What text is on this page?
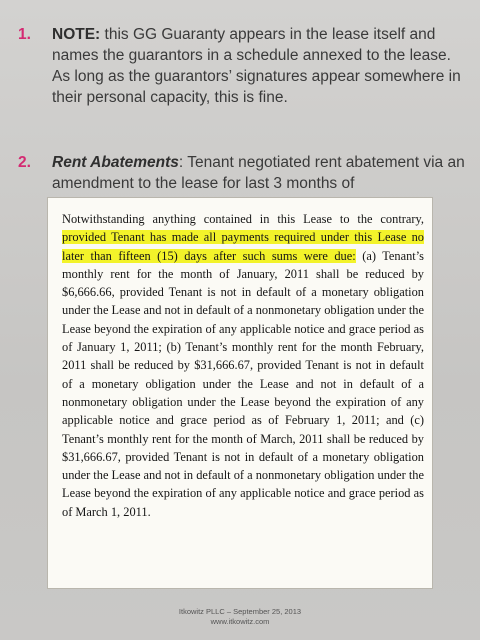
1. NOTE: this GG Guaranty appears in the lease itself and names the guarantors in a schedule annexed to the lease. As long as the guarantors’ signatures appear somewhere in their personal capacity, this is fine.
2. Rent Abatements: Tenant negotiated rent abatement via an amendment to the lease for last 3 months of

Notwithstanding anything contained in this Lease to the contrary, provided Tenant has made all payments required under this Lease no later than fifteen (15) days after such sums were due: (a) Tenant’s monthly rent for the month of January, 2011 shall be reduced by $6,666.66, provided Tenant is not in default of a monetary obligation under the Lease and not in default of a nonmonetary obligation under the Lease beyond the expiration of any applicable notice and grace period as of January 1, 2011; (b) Tenant’s monthly rent for the month February, 2011 shall be reduced by $31,666.67, provided Tenant is not in default of a monetary obligation under the Lease and not in default of a nonmonetary obligation under the Lease beyond the expiration of any applicable notice and grace period as of February 1, 2011; and (c) Tenant’s monthly rent for the month of March, 2011 shall be reduced by $31,666.67, provided Tenant is not in default of a monetary obligation under the Lease and not in default of a nonmonetary obligation under the Lease beyond the expiration of any applicable notice and grace period as of March 1, 2011.

Itkowitz PLLC – September 25, 2013
www.itkowitz.com
